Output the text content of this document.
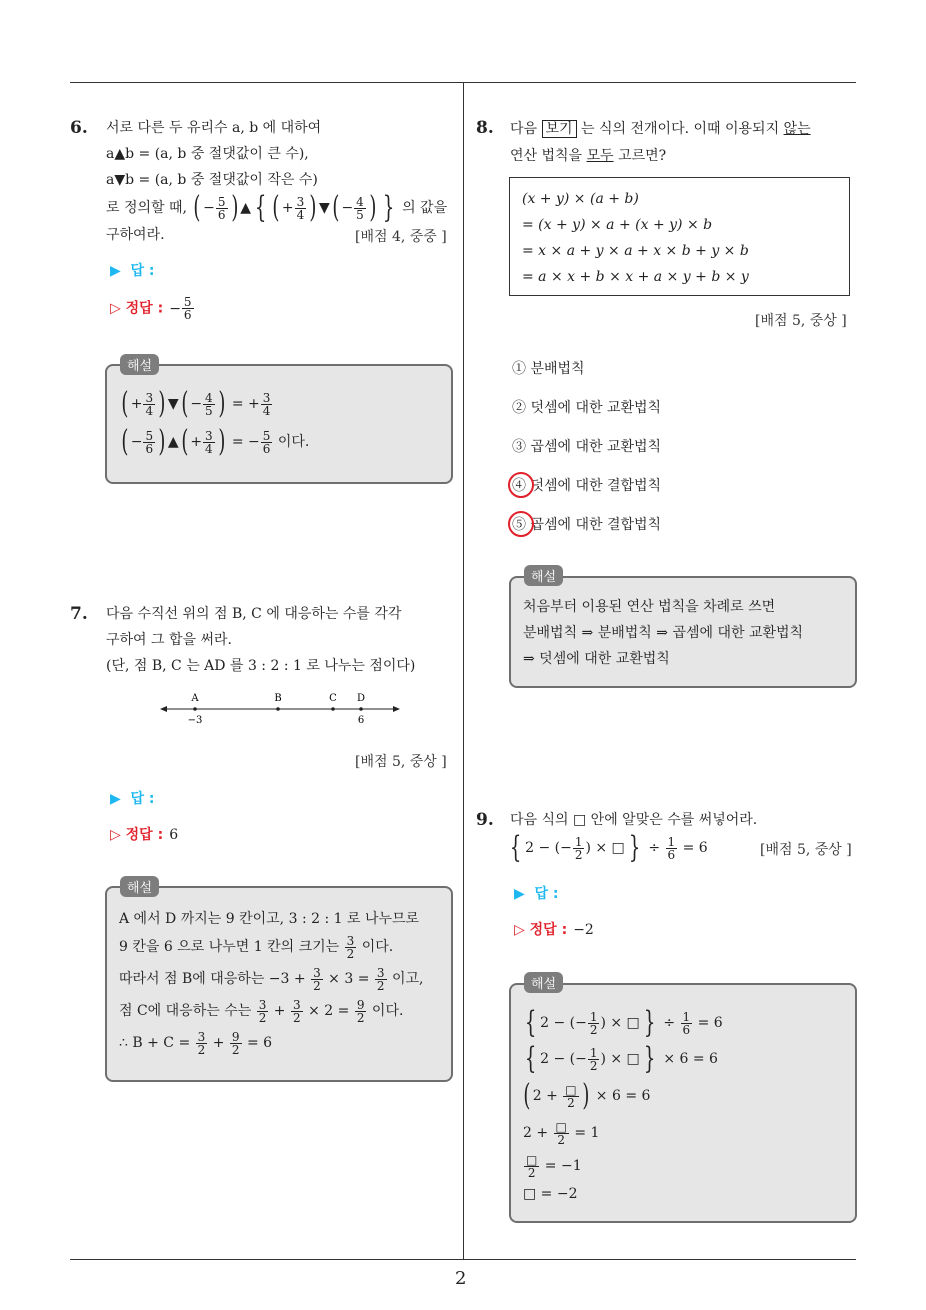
2
6. 서로 다른 두 유리수 a, b 에 대하여
a▲b = (a, b 중 절댓값이 큰 수),
a▼b = (a, b 중 절댓값이 작은 수)
로 정의할 때, ( − $\frac{5}{6}$ ) ▲ { ( + $\frac{3}{4}$ ) ▼( − $\frac{4}{5}$ ) } 의 값을
구하여라.	[배점 4, 중중 ]
▶ 답 :
▷ 정답 : − $\frac{5}{6}$
( + $\frac{3}{4}$ ) ▼( − $\frac{4}{5}$ ) = + $\frac{3}{4}$
( − $\frac{5}{6}$ ) ▲( + $\frac{3}{4}$ ) = − $\frac{5}{6}$ 이다.
해설
7. 다음 수직선 위의 점 B, C 에 대응하는 수를 각각
구하여 그 합을 써라.
(단, 점 B, C 는 AD 를 3 : 2 : 1 로 나누는 점이다)
A	B	C D
−3	6
[배점 5, 중상 ]
▶ 답 :
▷ 정답 : 6
A 에서 D 까지는 9 칸이고, 3 : 2 : 1 로 나누므로
9 칸을 6 으로 나누면 1 칸의 크기는 $\frac{3}{2}$ 이다.
따라서 점 B에 대응하는 $-3 + \frac{3}{2} \times 3 = \frac{3}{2}$ 이고,
점 C에 대응하는 수는 $\frac{3}{2} + \frac{3}{2} \times 2 = \frac{9}{2}$ 이다.
∴ $B + C = \frac{3}{2} + \frac{9}{2} = 6$
해설
8. 다음 보기 는 식의 전개이다. 이때 이용되지 않는
연산 법칙을 모두 고르면?
(x + y) × (a + b)
= (x + y) × a + (x + y) × b
= x × a + y × a + x × b + y × b
= a × x + b × x + a × y + b × y
[배점 5, 중상 ]
① 분배법칙
② 덧셈에 대한 교환법칙
③ 곱셈에 대한 교환법칙
④ 덧셈에 대한 결합법칙
⑤ 곱셈에 대한 결합법칙
처음부터 이용된 연산 법칙을 차례로 쓰면
분배법칙 ⇒ 분배법칙 ⇒ 곱셈에 대한 교환법칙
⇒ 덧셈에 대한 교환법칙
해설
9. 다음 식의 □ 안에 알맞은 수를 써넣어라.
{ 2 − (− $\frac{1}{2}$ ) × □ } ÷ $\frac{1}{6} = 6$	[배점 5, 중상 ]
▶ 답 :
▷ 정답 : −2
{ 2 − (− $\frac{1}{2}$ ) × □ } ÷ $\frac{1}{6} = 6$
{ 2 − (− $\frac{1}{2}$ ) × □ } × 6 = 6
( 2 + □
2 ) × 6 = 6
2 + □
2 = 1
□
2 = −1
□ = −2
해설
